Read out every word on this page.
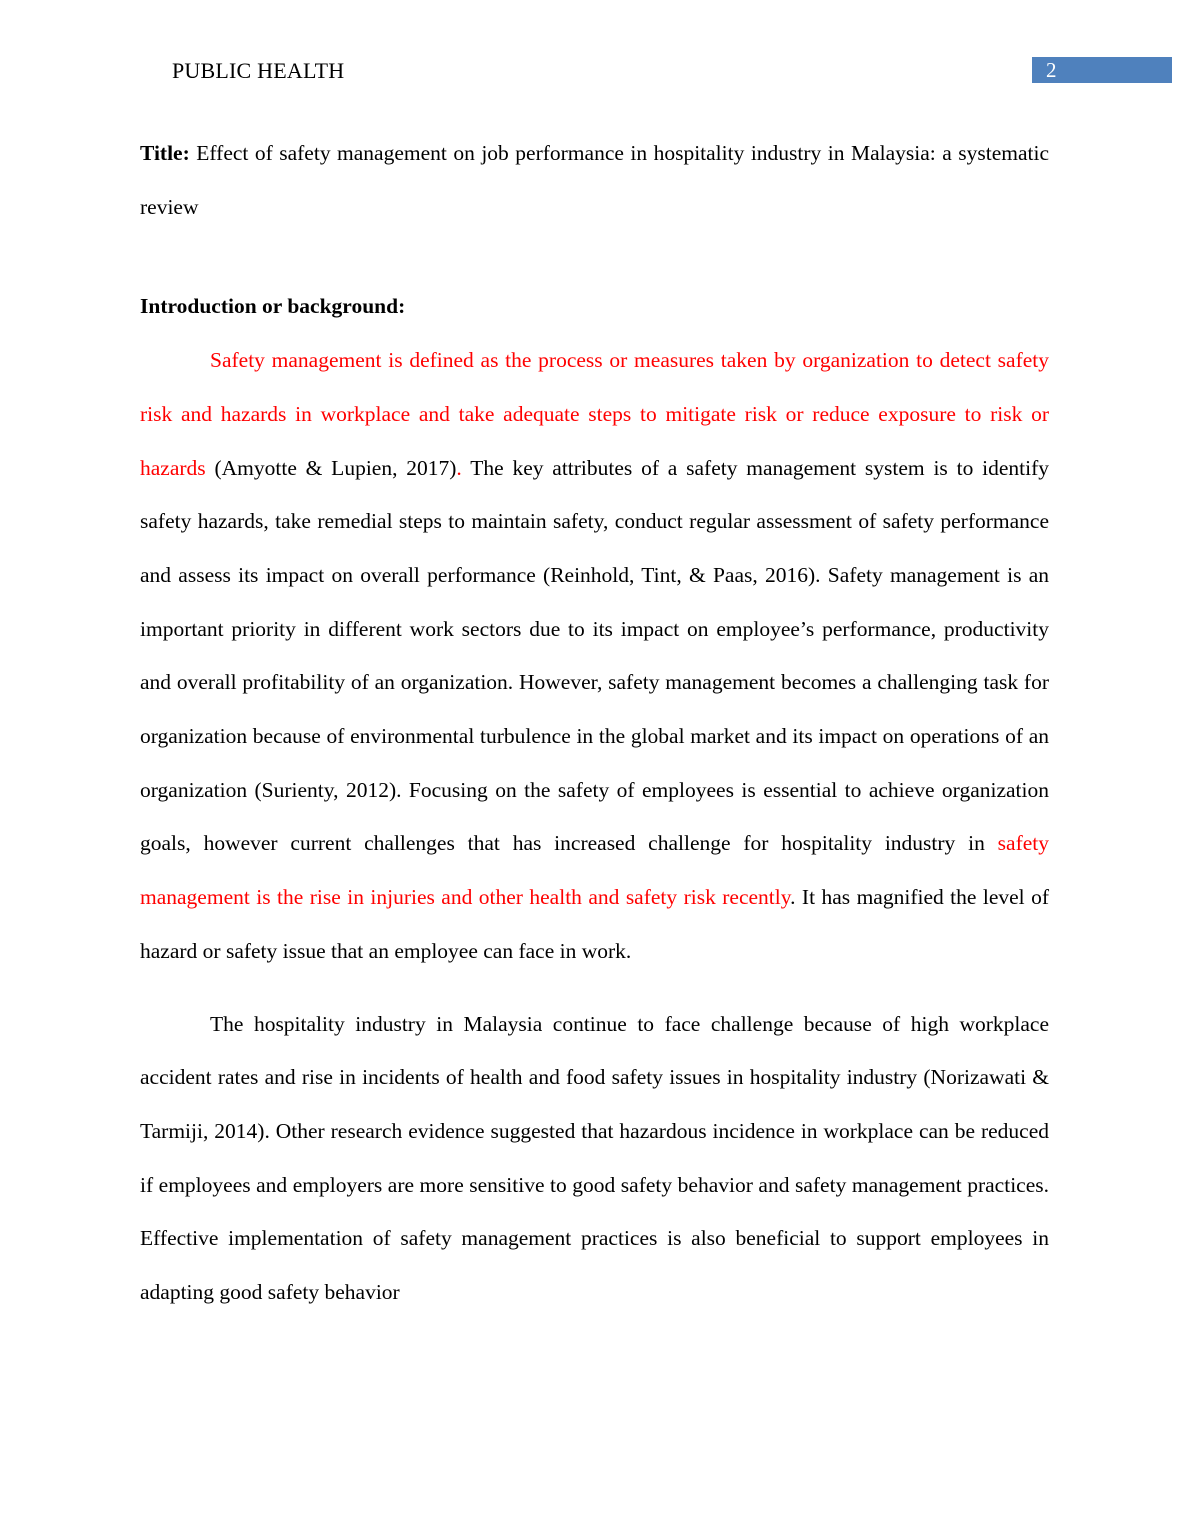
PUBLIC HEALTH	2

Title: Effect of safety management on job performance in hospitality industry in Malaysia: a systematic review

Introduction or background:

Safety management is defined as the process or measures taken by organization to detect safety risk and hazards in workplace and take adequate steps to mitigate risk or reduce exposure to risk or hazards (Amyotte & Lupien, 2017). The key attributes of a safety management system is to identify safety hazards, take remedial steps to maintain safety, conduct regular assessment of safety performance and assess its impact on overall performance (Reinhold, Tint, & Paas, 2016). Safety management is an important priority in different work sectors due to its impact on employee’s performance, productivity and overall profitability of an organization. However, safety management becomes a challenging task for organization because of environmental turbulence in the global market and its impact on operations of an organization (Surienty, 2012). Focusing on the safety of employees is essential to achieve organization goals, however current challenges that has increased challenge for hospitality industry in safety management is the rise in injuries and other health and safety risk recently. It has magnified the level of hazard or safety issue that an employee can face in work.

The hospitality industry in Malaysia continue to face challenge because of high workplace accident rates and rise in incidents of health and food safety issues in hospitality industry (Norizawati & Tarmiji, 2014). Other research evidence suggested that hazardous incidence in workplace can be reduced if employees and employers are more sensitive to good safety behavior and safety management practices. Effective implementation of safety management practices is also beneficial to support employees in adapting good safety behavior
